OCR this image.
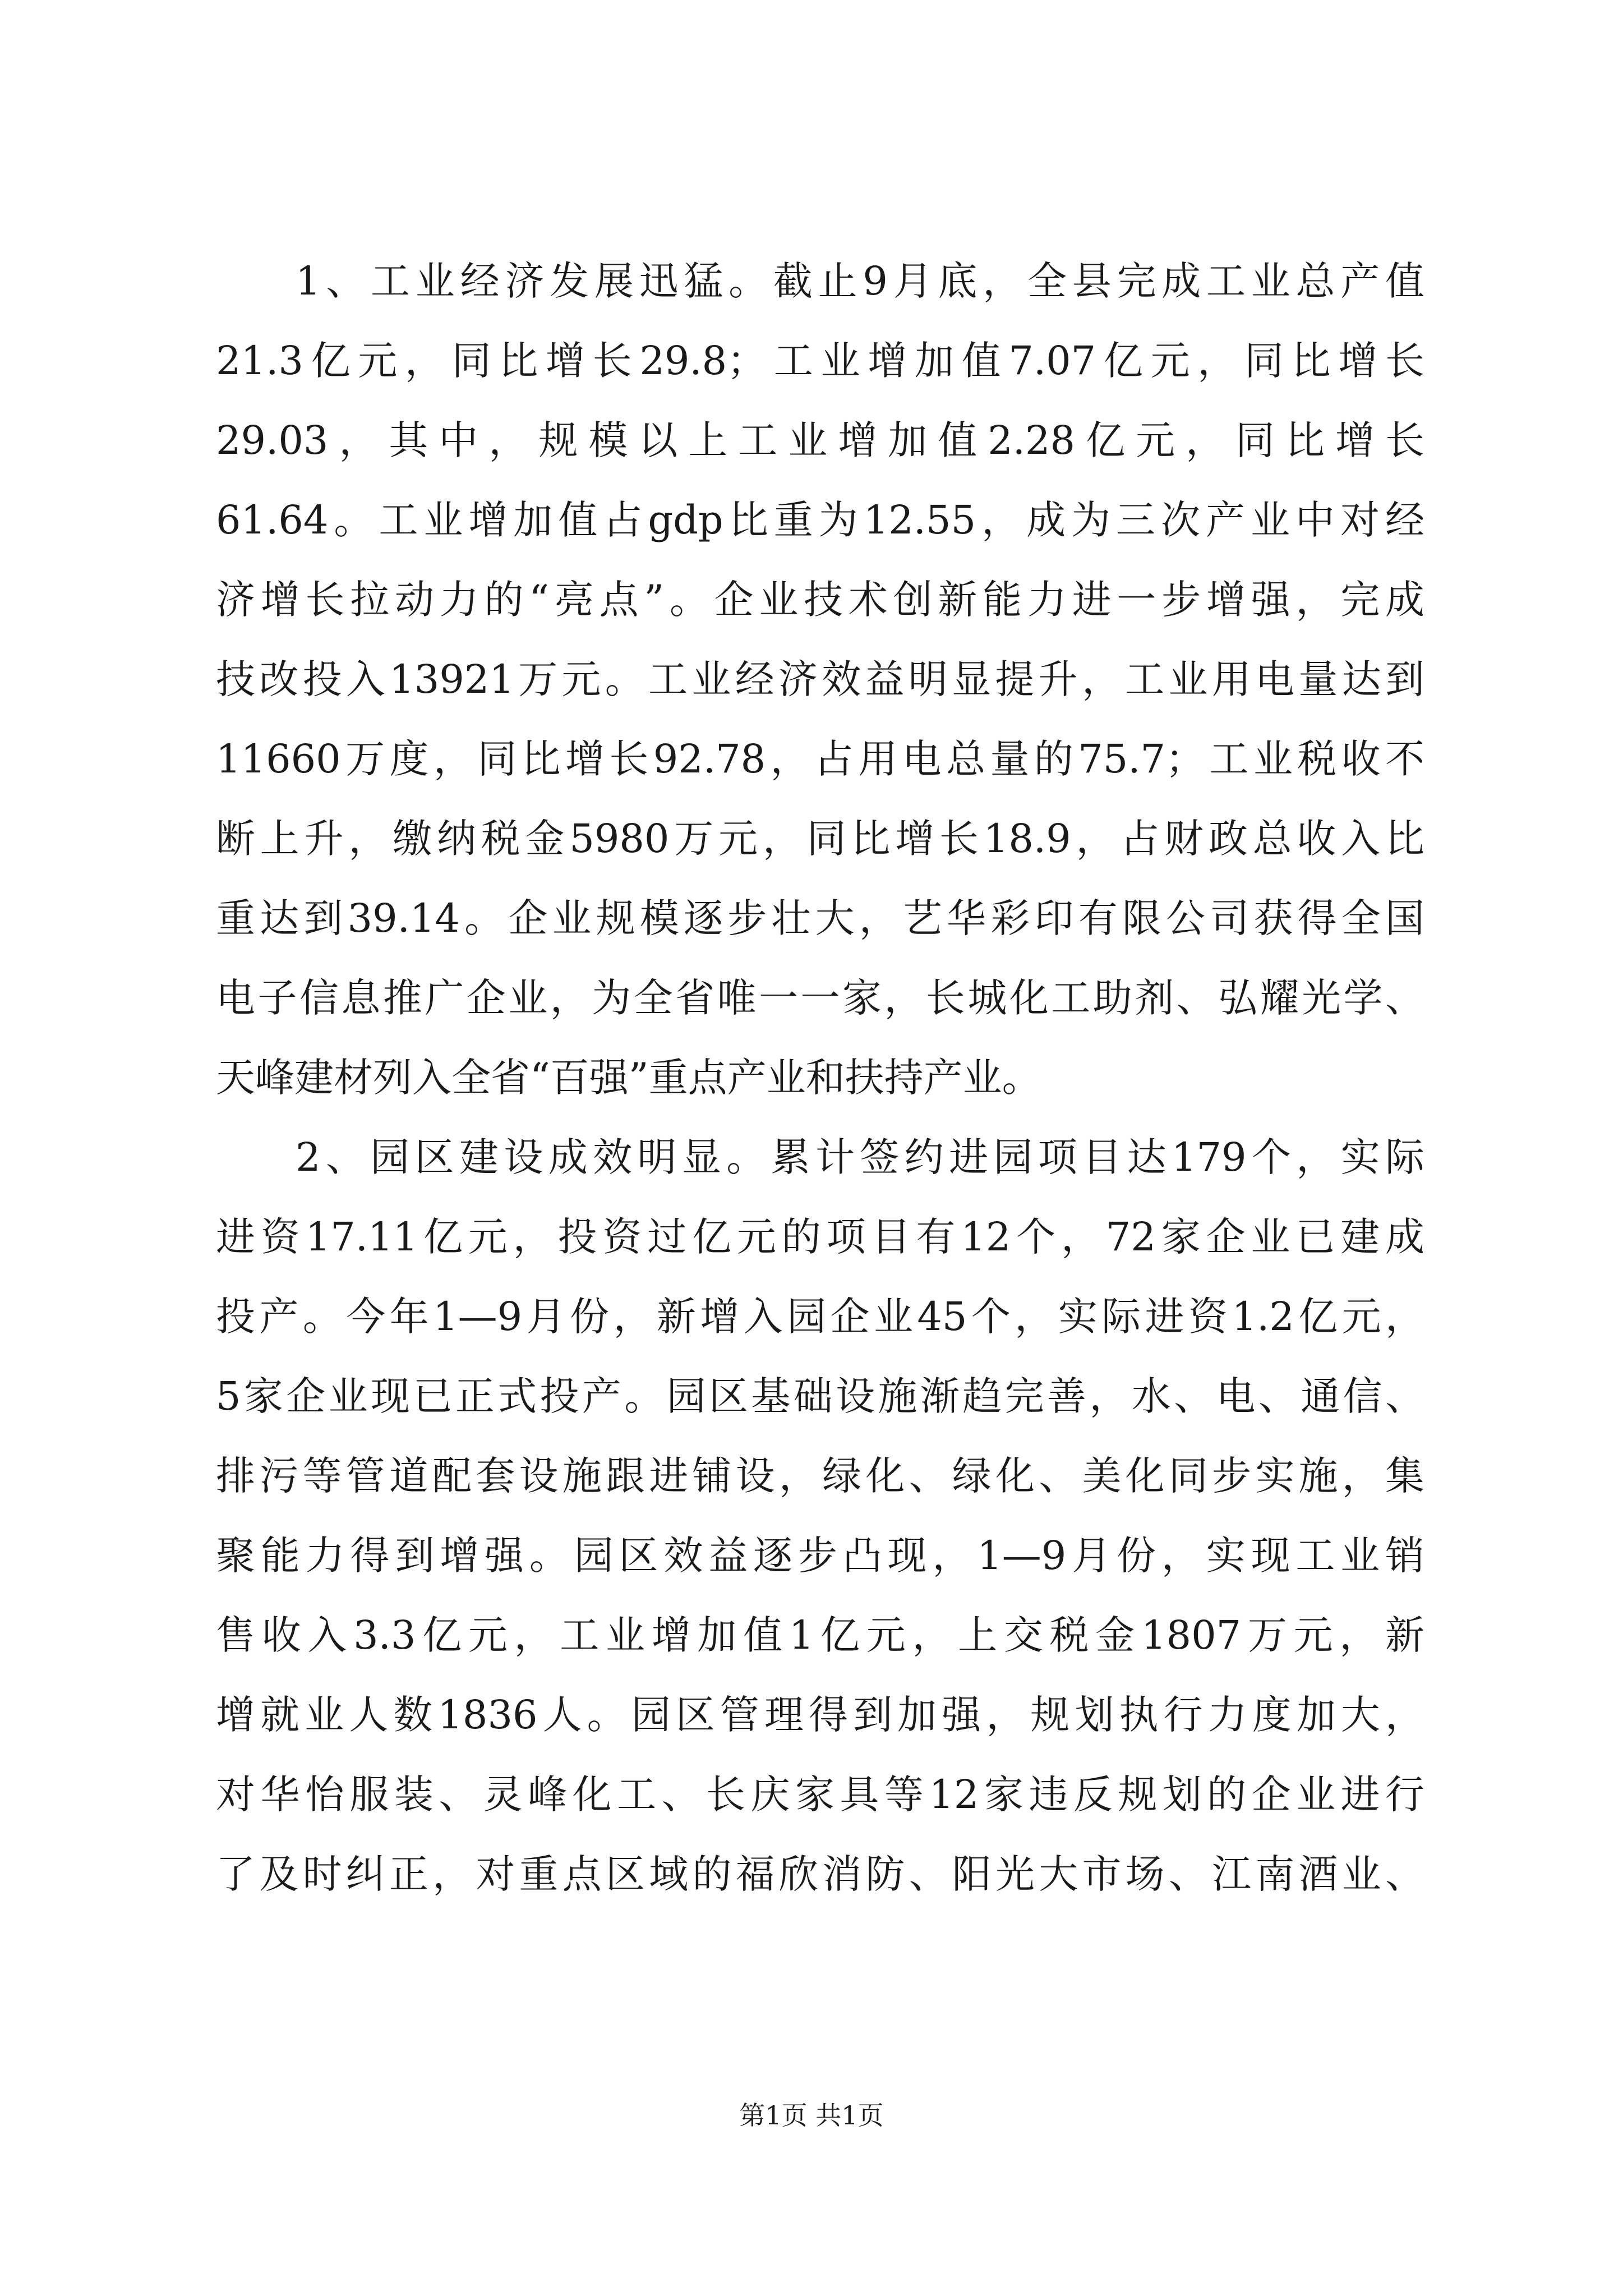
1、工业经济发展迅猛。截止9月底，全县完成工业总产值
21.3亿元，同比增长29.8；工业增加值7.07亿元，同比增长
29.03，其中，规模以上工业增加值2.28亿元，同比增长
61.64。工业增加值占gdp比重为12.55，成为三次产业中对经
济增长拉动力的“亮点”。企业技术创新能力进一步增强，完成
技改投入13921万元。工业经济效益明显提升，工业用电量达到
11660万度，同比增长92.78，占用电总量的75.7；工业税收不
断上升，缴纳税金5980万元，同比增长18.9，占财政总收入比
重达到39.14。企业规模逐步壮大，艺华彩印有限公司获得全国
电子信息推广企业，为全省唯一一家，长城化工助剂、弘耀光学、
天峰建材列入全省“百强”重点产业和扶持产业。
2、园区建设成效明显。累计签约进园项目达179个，实际
进资17.11亿元，投资过亿元的项目有12个，72家企业已建成
投产。今年1—9月份，新增入园企业45个，实际进资1.2亿元，
5家企业现已正式投产。园区基础设施渐趋完善，水、电、通信、
排污等管道配套设施跟进铺设，绿化、绿化、美化同步实施，集
聚能力得到增强。园区效益逐步凸现，1—9月份，实现工业销
售收入3.3亿元，工业增加值1亿元，上交税金1807万元，新
增就业人数1836人。园区管理得到加强，规划执行力度加大，
对华怡服装、灵峰化工、长庆家具等12家违反规划的企业进行
了及时纠正，对重点区域的福欣消防、阳光大市场、江南酒业、
第1页 共1页
